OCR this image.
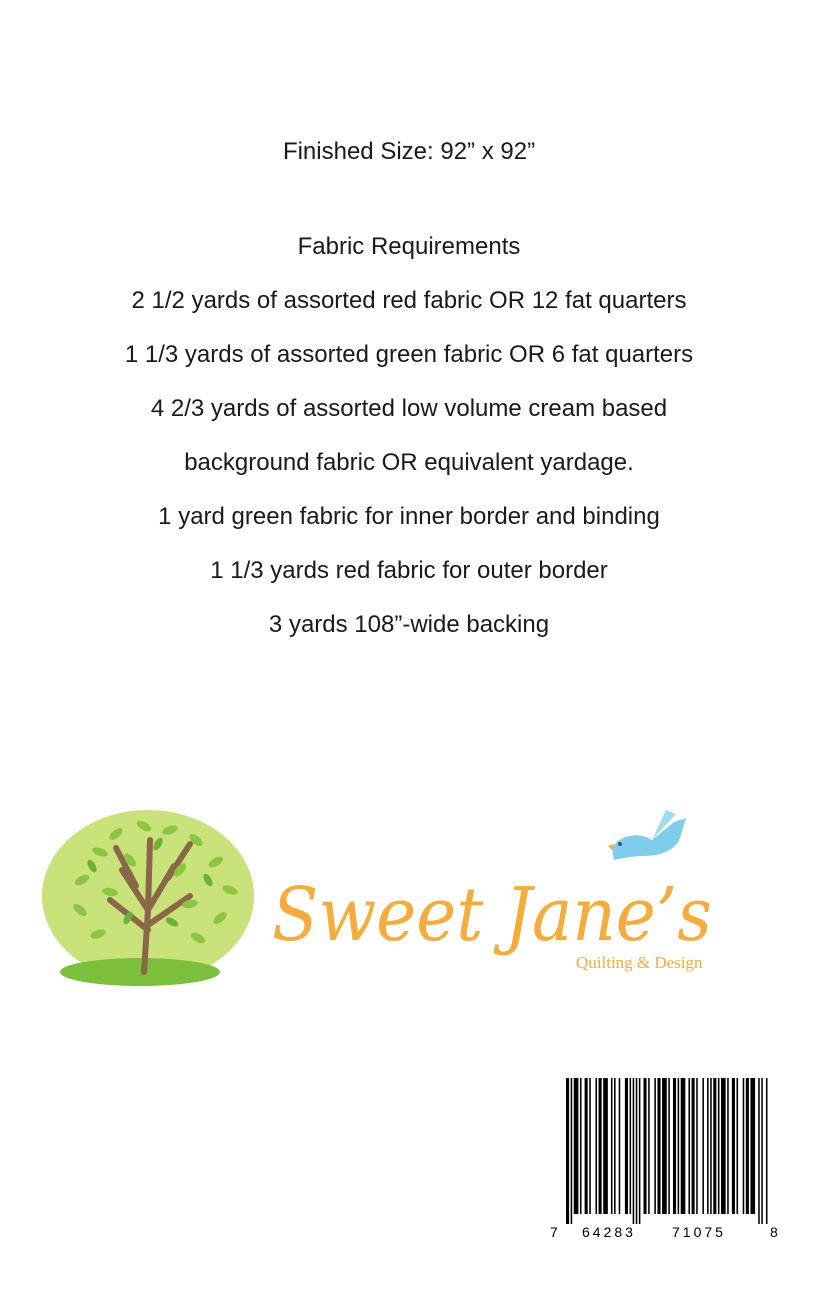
Finished Size: 92” x 92”

Fabric Requirements

2 1/2 yards of assorted red fabric OR 12 fat quarters
1 1/3 yards of assorted green fabric OR 6 fat quarters
4 2/3 yards of assorted low volume cream based
background fabric OR equivalent yardage.
1 yard green fabric for inner border and binding
1 1/3 yards red fabric for outer border
3 yards 108”-wide backing
Sweet Jane’s
Quilting & Design
7 64283	71075	8
